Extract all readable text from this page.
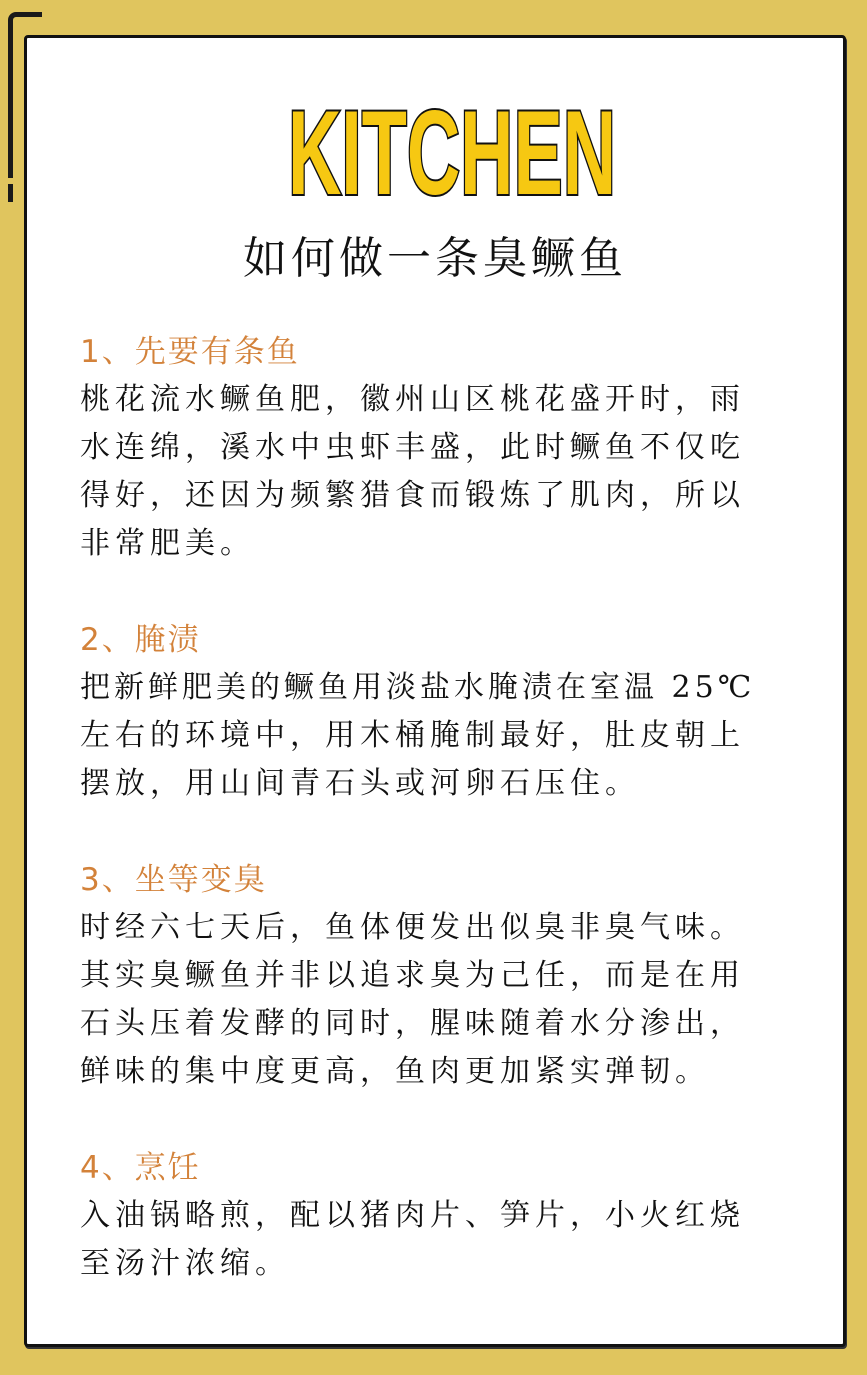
KITCHEN
如何做一条臭鳜鱼
1、先要有条鱼
桃花流水鳜鱼肥，徽州山区桃花盛开时，雨
水连绵，溪水中虫虾丰盛，此时鳜鱼不仅吃
得好，还因为频繁猎食而锻炼了肌肉，所以
非常肥美。
2、腌渍
把新鲜肥美的鳜鱼用淡盐水腌渍在室温 25℃
左右的环境中，用木桶腌制最好，肚皮朝上
摆放，用山间青石头或河卵石压住。
3、坐等变臭
时经六七天后，鱼体便发出似臭非臭气味。
其实臭鳜鱼并非以追求臭为己任，而是在用
石头压着发酵的同时，腥味随着水分渗出，
鲜味的集中度更高，鱼肉更加紧实弹韧。
4、烹饪
入油锅略煎，配以猪肉片、笋片，小火红烧
至汤汁浓缩。
